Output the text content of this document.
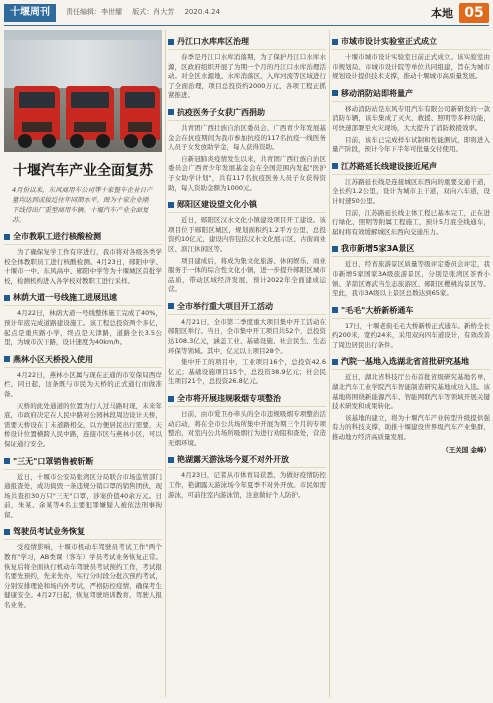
十堰周刊	责任编辑：李世耀 版式：肖大芳 2020.4.24	本地 05
十堰汽车产业全面复苏
4月份以来，东风商用车公司等十家整车企业日产量均达到或接近往年同期水平。图为十家企业刚下线待出厂重型商用车辆。十堰汽车产业全面复苏。
全市教职工进行核酸检测

为了确保复学工作有序进行，我市将对各级各类学校全体教职员工进行核酸检测。4月23日，郧阳中学、十堰市一中、东风高中、郧阳中学等为十堰城区首批学校，检测机构进入各学校对教职工进行采样。

林荫大道一号线施工进展迅速

4月22日，林荫大道一号线整体施工完成了40%，预计年底完成道路建设施工。该工程总投资两个多亿，起点是重庆路小学，终点是天津路，道路全长3.5公里，为城市次干路，设计速度为40km/h。

燕林小区天桥投入使用

4月22日，燕林小区属与现在正通的市安保局西岸栏，同日起，这条既与市民为天桥的正式通行而做准备。

天桥的此处通道的位置为行人过马路时现，未来年底，市政府决定在人民中路对公园林段周边设计天桥，需要天桥设在丁未道路相交，以方便居民出行需要，天桥设计位置横跨人民中路，连接市区与燕林小区，可以保证通行安全。

"三无"口罩销售被斩断

近日，十堰市公安局张湾区分局联合市场监管部门通报查处，成功捣毁一条违规分销口罩的销售团伙，现场共查扣30万只"三无"口罩，涉案价值40余万元。日前，朱某、余某等4名主要犯罪嫌疑人被依法刑事拘留。

驾驶员考试业务恢复

受疫情影响，十堰市机动车驾驶员考试工作"两个教育"学习，AB类课（客车）学员考试业务恢复正常。恢复后将全面执行机动车驾驶员考试预约工作，考试报名要先预约，先来先办，实行分时段分批次预约考试，分别安排理论和场内外考试，严格防控疫情，确保考生健康安全。4月27日起，恢复驾驶培训教育、驾驶人报名业务。

丹江口水库库区治理

春季是丹江口水库消落期，为了保护丹江口水库水源，区政府组织开展了为期一个月的丹江口水库治理活动。对全区水源地、水库消落区、入库河流等区域进行了全面治理，项目总投资约2000万元，各项工程正抓紧推进。

抗疫医务子女获广西捐助

共青团广西壮族自治区委员会、广西青少年发展基金会在抗疫期间为我市参加抗疫的117名抗疫一线医务人员子女发放助学金，每人获得资助。

自新冠肺炎疫情发生以来，共青团广西壮族自治区委员会广西青少年发展基金会在全国范围内发起"医护子女助学计划"，共有117名抗疫医务人员子女获得资助，每人资助金额为1000元。

郧阳区建设望文化小镇

近日，郧阳区汉水文化小镇建设项目开工建设。该项目位于郧阳区城区，规划面积约1.2平方公里，总投资约10亿元，建设内容包括汉水文化展示区、古街商业区、滨江休闲区等。

项目建成后，将成为集文化旅游、休闲娱乐、商业服务于一体的综合性文化小镇，进一步提升郧阳区城市品质，带动区域经济发展，预计2022年全面建成运营。

全市举行重大项目开工活动

4月21日，全市第二季度重大项目集中开工活动在郧阳区举行。当日，全市集中开工项目共52个，总投资达108.3亿元，涵盖工业、基础设施、社会民生、生态环保等领域。其中，亿元以上项目28个。

集中开工的项目中，工业项目16个，总投资42.6亿元；基础设施项目15个，总投资38.9亿元；社会民生项目21个，总投资26.8亿元。

全市将开展违规吸烟专项整治

日前，由市爱卫办牵头的全市违规吸烟专项整治活动启动，将在全市公共场所集中开展为期三个月的专项整治，对室内公共场所吸烟行为进行劝阻和查处，营造无烟环境。

艳湖露天游泳场今夏不对外开放

4月23日，记者从市体育局获悉，为做好疫情防控工作，艳湖露天游泳场今年夏季不对外开放。市民如需游泳，可前往室内游泳馆，注意做好个人防护。

市域市设计实验室正式成立

十堰市城市设计实验室日前正式成立。该实验室由市规划局、市城市设计院等单位共同组建，旨在为城市规划设计提供技术支撑，推动十堰城市高质量发展。

移动消防站即将量产

移动消防站是东风专用汽车有限公司新研发的一款消防车辆，该车集成了灭火、救援、照明等多种功能，可快速部署至火灾现场，大大提升了消防救援效率。

目前，该车已完成样车试制和性能测试，即将进入量产阶段，预计今年下半年可批量交付使用。

江苏路延长线建设接近尾声

江苏路延长线是连接城区东西向的重要交通干道，全长约1.2公里，设计为城市主干道，双向六车道，设计时速50公里。

目前，江苏路延长线主体工程已基本完工，正在进行绿化、照明等附属工程施工，预计5月底全线通车，届时将有效缓解城区东西向交通压力。

我市新增5家3A景区

近日，经省旅游景区质量等级评定委员会评定，我市新增5家国家3A级旅游景区，分别是张湾区茶香小镇、茅箭区赛武当生态旅游区、郧阳区樱桃沟景区等。至此，我市3A级以上景区总数达到65家。

"毛毛"大桥新桥通车

17日，十堰老街毛毛大桥新桥正式通车。新桥全长约200米，宽约24米，采用双向四车道设计，有效改善了周边居民出行条件。

汽院一基地入选湖北省首批研究基地

近日，湖北省科技厅公布首批省级研究基地名单，湖北汽车工业学院汽车智能制造研究基地成功入选。该基地将围绕新能源汽车、智能网联汽车等领域开展关键技术研发和成果转化。

该基地的建立，将为十堰汽车产业转型升级提供强有力的科技支撑，助推十堰建设世界级汽车产业集群，推动地方经济高质量发展。

（王关国 金峰）
